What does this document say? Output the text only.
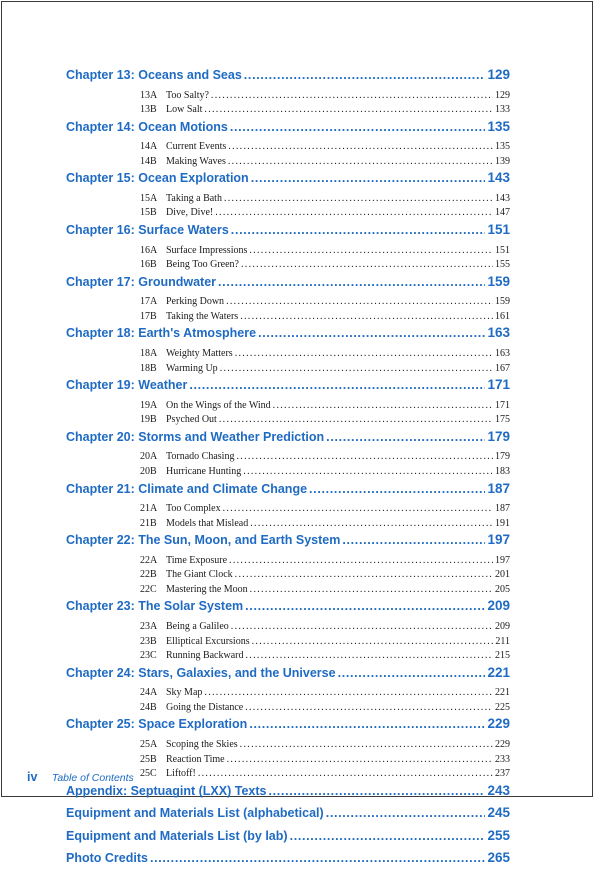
Chapter 13: Oceans and Seas . . .	129
13A Too Salty? . . .	129
13B Low Salt . . .	133
Chapter 14: Ocean Motions . . .	135
14A Current Events . . .	135
14B Making Waves . . .	139
Chapter 15: Ocean Exploration . . .	143
15A Taking a Bath . . .	143
15B Dive, Dive! . . .	147
Chapter 16: Surface Waters . . .	151
16A Surface Impressions . . .	151
16B Being Too Green? . . .	155
Chapter 17: Groundwater . . .	159
17A Perking Down . . .	159
17B Taking the Waters . . .	161
Chapter 18: Earth's Atmosphere . . .	163
18A Weighty Matters . . .	163
18B Warming Up . . .	167
Chapter 19: Weather . . .	171
19A On the Wings of the Wind . . .	171
19B Psyched Out . . .	175
Chapter 20: Storms and Weather Prediction . . .	179
20A Tornado Chasing . . .	179
20B Hurricane Hunting . . .	183
Chapter 21: Climate and Climate Change . . .	187
21A Too Complex . . .	187
21B Models that Mislead . . .	191
Chapter 22: The Sun, Moon, and Earth System . . .	197
22A Time Exposure . . .	197
22B The Giant Clock . . .	201
22C Mastering the Moon . . .	205
Chapter 23: The Solar System . . .	209
23A Being a Galileo . . .	209
23B Elliptical Excursions . . .	211
23C Running Backward . . .	215
Chapter 24: Stars, Galaxies, and the Universe . . .	221
24A Sky Map . . .	221
24B Going the Distance . . .	225
Chapter 25: Space Exploration . . .	229
25A Scoping the Skies . . .	229
25B Reaction Time . . .	233
25C Liftoff! . . .	237
Appendix: Septuagint (LXX) Texts . . .	243
Equipment and Materials List (alphabetical) . . .	245
Equipment and Materials List (by lab) . . .	255
Photo Credits . . .	265
iv Table of Contents
